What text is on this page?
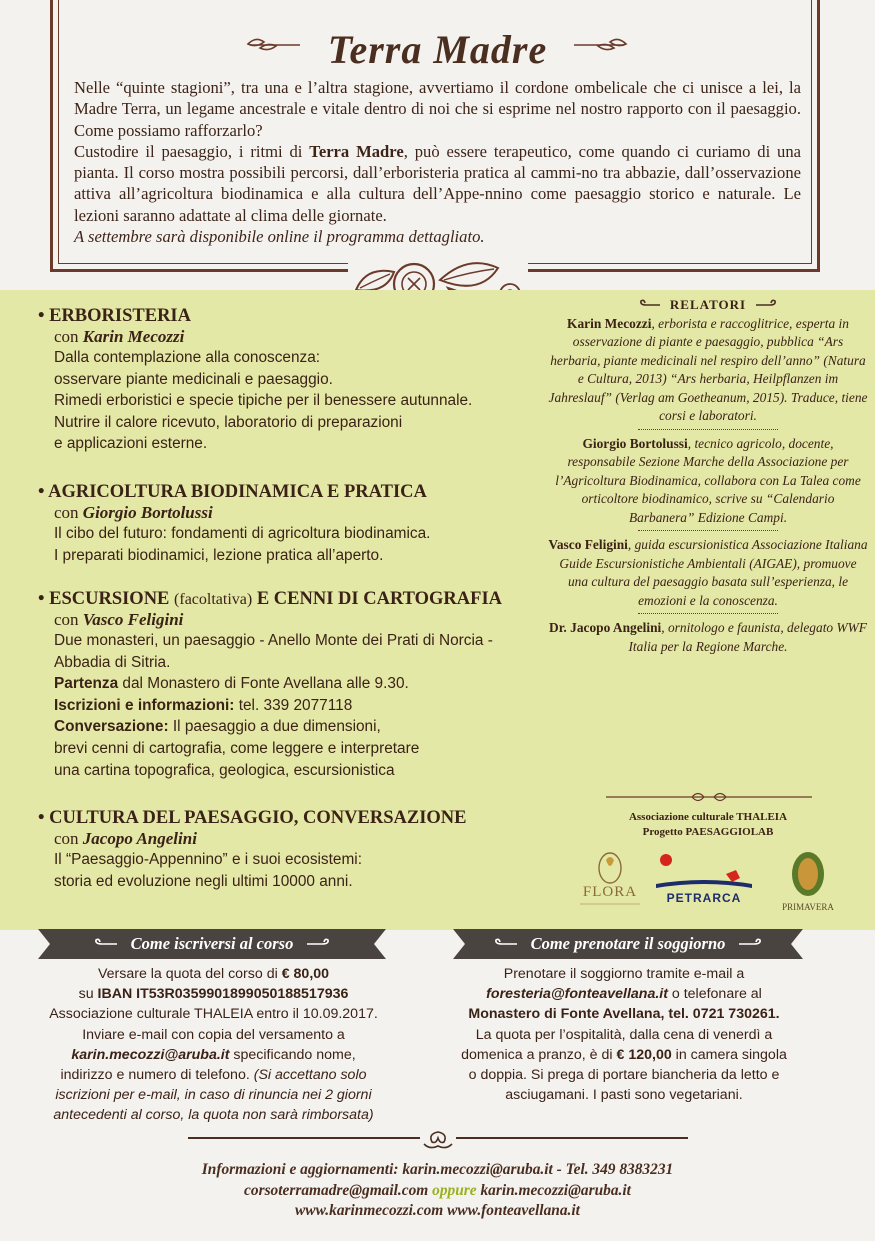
Terra Madre
Nelle “quinte stagioni”, tra una e l’altra stagione, avvertiamo il cordone ombelicale che ci unisce a lei, la Madre Terra, un legame ancestrale e vitale dentro di noi che si esprime nel nostro rapporto con il paesaggio. Come possiamo rafforzarlo?
Custodire il paesaggio, i ritmi di Terra Madre, può essere terapeutico, come quando ci curiamo di una pianta. Il corso mostra possibili percorsi, dall’erboristeria pratica al cammi-no tra abbazie, dall’osservazione attiva all’agricoltura biodinamica e alla cultura dell’Appe-nnino come paesaggio storico e naturale. Le lezioni saranno adattate al clima delle giornate.
A settembre sarà disponibile online il programma dettagliato.
• ERBORISTERIA
con Karin Mecozzi
Dalla contemplazione alla conoscenza:
osservare piante medicinali e paesaggio.
Rimedi erboristici e specie tipiche per il benessere autunnale.
Nutrire il calore ricevuto, laboratorio di preparazioni
e applicazioni esterne.
• AGRICOLTURA BIODINAMICA E PRATICA
con Giorgio Bortolussi
Il cibo del futuro: fondamenti di agricoltura biodinamica.
I preparati biodinamici, lezione pratica all’aperto.
• ESCURSIONE (facoltativa) E CENNI DI CARTOGRAFIA
con Vasco Feligini
Due monasteri, un paesaggio - Anello Monte dei Prati di Norcia -
Abbadia di Sitria.
Partenza dal Monastero di Fonte Avellana alle 9.30.
Iscrizioni e informazioni: tel. 339 2077118
Conversazione: Il paesaggio a due dimensioni,
brevi cenni di cartografia, come leggere e interpretare
una cartina topografica, geologica, escursionistica
• CULTURA DEL PAESAGGIO, CONVERSAZIONE
con Jacopo Angelini
Il “Paesaggio-Appennino” e i suoi ecosistemi:
storia ed evoluzione negli ultimi 10000 anni.
RELATORI
Karin Mecozzi, erborista e raccoglitrice, esperta in osservazione di piante e paesaggio, pubblica “Ars herbaria, piante medicinali nel respiro dell’anno” (Natura e Cultura, 2013) “Ars herbaria, Heilpflanzen im Jahreslauf” (Verlag am Goetheanum, 2015). Traduce, tiene corsi e laboratori.
Giorgio Bortolussi, tecnico agricolo, docente, responsabile Sezione Marche della Associazione per l’Agricoltura Biodinamica, collabora con La Talea come orticoltore biodinamico, scrive su “Calendario Barbanera” Edizione Campi.
Vasco Feligini, guida escursionistica Associazione Italiana Guide Escursionistiche Ambientali (AIGAE), promuove una cultura del paesaggio basata sull’esperienza, le emozioni e la conoscenza.
Dr. Jacopo Angelini, ornitologo e faunista, delegato WWF Italia per la Regione Marche.
Associazione culturale THALEIA
Progetto PAESAGGIOLAB
FLORA PETRARCA
PRIMAVERA
Come iscriversi al corso	Come prenotare il soggiorno
Versare la quota del corso di € 80,00
su IBAN IT53R0359901899050188517936
Associazione culturale THALEIA entro il 10.09.2017.
Inviare e-mail con copia del versamento a
karin.mecozzi@aruba.it specificando nome,
indirizzo e numero di telefono. (Si accettano solo
iscrizioni per e-mail, in caso di rinuncia nei 2 giorni
antecedenti al corso, la quota non sarà rimborsata)
Prenotare il soggiorno tramite e-mail a
foresteria@fonteavellana.it o telefonare al
Monastero di Fonte Avellana, tel. 0721 730261.
La quota per l’ospitalità, dalla cena di venerdì a
domenica a pranzo, è di € 120,00 in camera singola
o doppia. Si prega di portare biancheria da letto e
asciugamani. I pasti sono vegetariani.
Informazioni e aggiornamenti: karin.mecozzi@aruba.it - Tel. 349 8383231
corsoterramadre@gmail.com oppure karin.mecozzi@aruba.it
www.karinmecozzi.com www.fonteavellana.it
